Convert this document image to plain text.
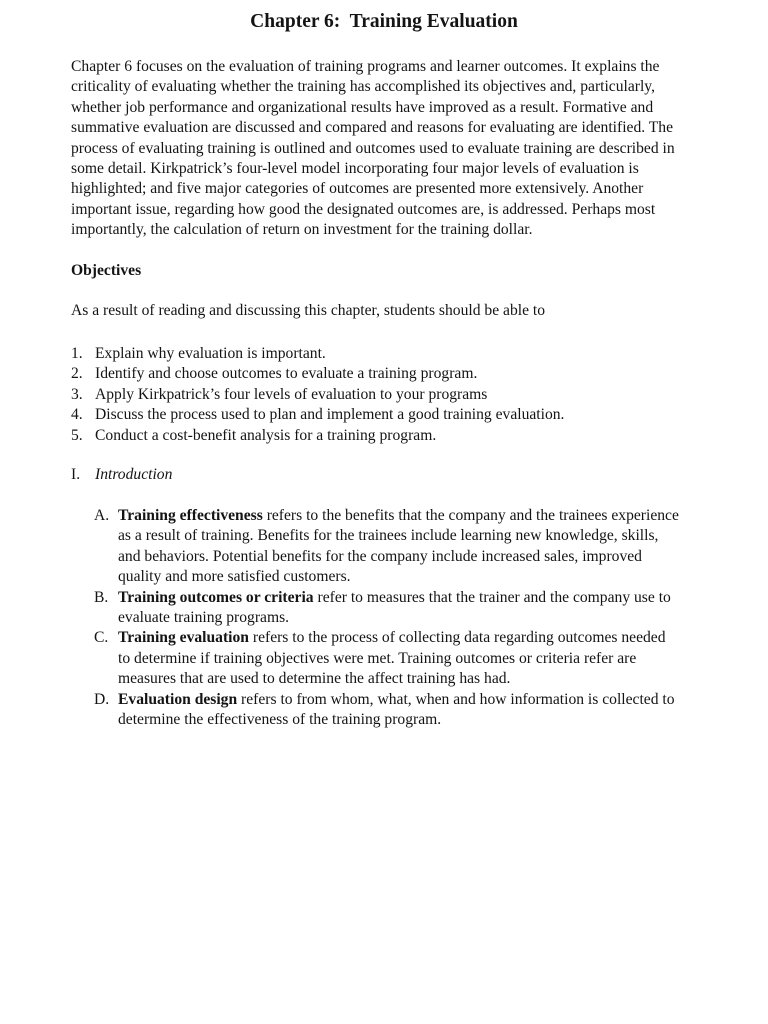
Chapter 6:  Training Evaluation

Chapter 6 focuses on the evaluation of training programs and learner outcomes. It explains the
criticality of evaluating whether the training has accomplished its objectives and, particularly,
whether job performance and organizational results have improved as a result. Formative and
summative evaluation are discussed and compared and reasons for evaluating are identified. The
process of evaluating training is outlined and outcomes used to evaluate training are described in
some detail. Kirkpatrick’s four-level model incorporating four major levels of evaluation is
highlighted; and five major categories of outcomes are presented more extensively. Another
important issue, regarding how good the designated outcomes are, is addressed. Perhaps most
importantly, the calculation of return on investment for the training dollar.

Objectives

As a result of reading and discussing this chapter, students should be able to

1. Explain why evaluation is important.
2. Identify and choose outcomes to evaluate a training program.
3. Apply Kirkpatrick’s four levels of evaluation to your programs
4. Discuss the process used to plan and implement a good training evaluation.
5. Conduct a cost-benefit analysis for a training program.
I. Introduction
A. Training effectiveness refers to the benefits that the company and the trainees experience
as a result of training. Benefits for the trainees include learning new knowledge, skills,
and behaviors. Potential benefits for the company include increased sales, improved
quality and more satisfied customers.
B. Training outcomes or criteria refer to measures that the trainer and the company use to
evaluate training programs.
C. Training evaluation refers to the process of collecting data regarding outcomes needed
to determine if training objectives were met. Training outcomes or criteria refer are
measures that are used to determine the affect training has had.
D. Evaluation design refers to from whom, what, when and how information is collected to
determine the effectiveness of the training program.
